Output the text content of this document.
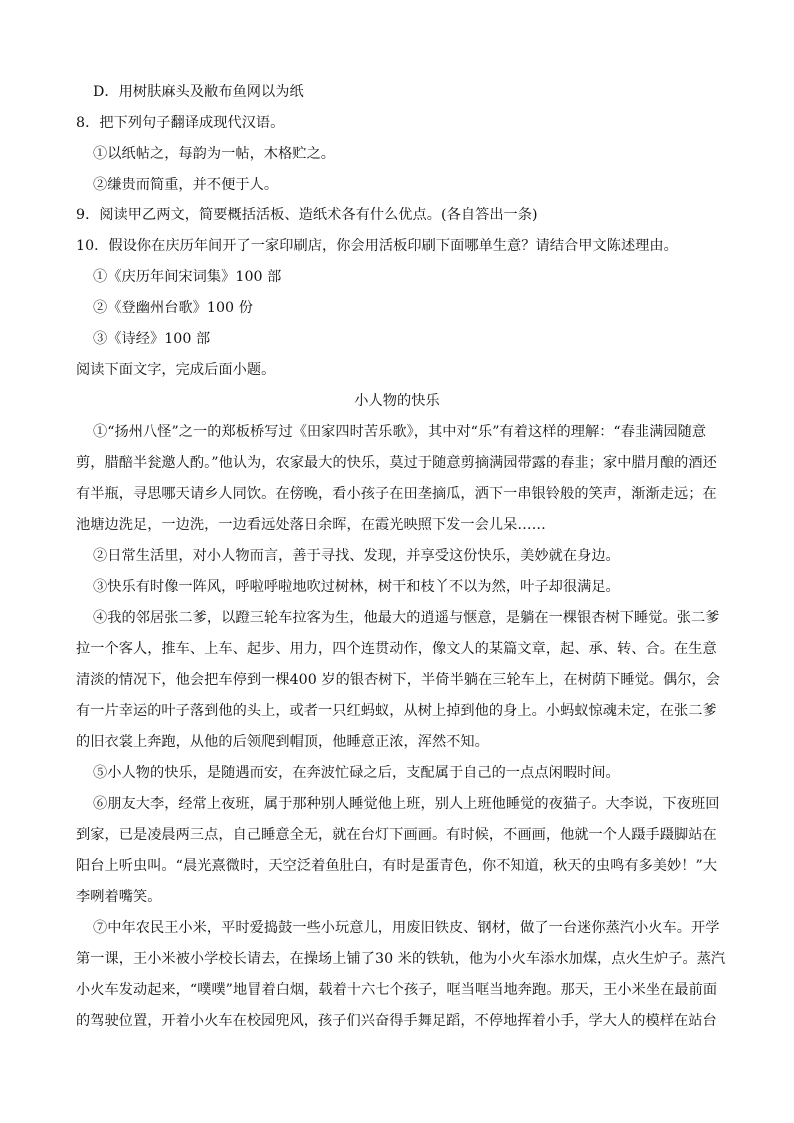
D．用树肤麻头及敝布鱼网以为纸
8．把下列句子翻译成现代汉语。
①以纸帖之，每韵为一帖，木格贮之。
②缣贵而简重，并不便于人。
9．阅读甲乙两文，简要概括活板、造纸术各有什么优点。(各自答出一条)
10．假设你在庆历年间开了一家印刷店，你会用活板印刷下面哪单生意？请结合甲文陈述理由。
①《庆历年间宋词集》100 部
②《登幽州台歌》100 份
③《诗经》100 部
阅读下面文字，完成后面小题。
小人物的快乐
①“扬州八怪”之一的郑板桥写过《田家四时苦乐歌》，其中对“乐”有着这样的理解：“春韭满园随意
剪，腊醅半瓮邀人酌。”他认为，农家最大的快乐，莫过于随意剪摘满园带露的春韭；家中腊月酿的酒还
有半瓶，寻思哪天请乡人同饮。在傍晚，看小孩子在田垄摘瓜，洒下一串银铃般的笑声，渐渐走远；在
池塘边洗足，一边洗，一边看远处落日余晖，在霞光映照下发一会儿呆……
②日常生活里，对小人物而言，善于寻找、发现，并享受这份快乐，美妙就在身边。
③快乐有时像一阵风，呼啦呼啦地吹过树林，树干和枝丫不以为然，叶子却很满足。
④我的邻居张二爹，以蹬三轮车拉客为生，他最大的逍遥与惬意，是躺在一棵银杏树下睡觉。张二爹
拉一个客人，推车、上车、起步、用力，四个连贯动作，像文人的某篇文章，起、承、转、合。在生意
清淡的情况下，他会把车停到一棵400 岁的银杏树下，半倚半躺在三轮车上，在树荫下睡觉。偶尔，会
有一片幸运的叶子落到他的头上，或者一只红蚂蚁，从树上掉到他的身上。小蚂蚁惊魂未定，在张二爹
的旧衣裳上奔跑，从他的后领爬到帽顶，他睡意正浓，浑然不知。
⑤小人物的快乐，是随遇而安，在奔波忙碌之后，支配属于自己的一点点闲暇时间。
⑥朋友大李，经常上夜班，属于那种别人睡觉他上班，别人上班他睡觉的夜猫子。大李说，下夜班回
到家，已是凌晨两三点，自己睡意全无，就在台灯下画画。有时候，不画画，他就一个人蹑手蹑脚站在
阳台上听虫叫。“晨光熹微时，天空泛着鱼肚白，有时是蛋青色，你不知道，秋天的虫鸣有多美妙！”大
李咧着嘴笑。
⑦中年农民王小米，平时爱捣鼓一些小玩意儿，用废旧铁皮、钢材，做了一台迷你蒸汽小火车。开学
第一课，王小米被小学校长请去，在操场上铺了30 米的铁轨，他为小火车添水加煤，点火生炉子。蒸汽
小火车发动起来，“噗噗”地冒着白烟，载着十六七个孩子，哐当哐当地奔跑。那天，王小米坐在最前面
的驾驶位置，开着小火车在校园兜风，孩子们兴奋得手舞足蹈，不停地挥着小手，学大人的模样在站台
